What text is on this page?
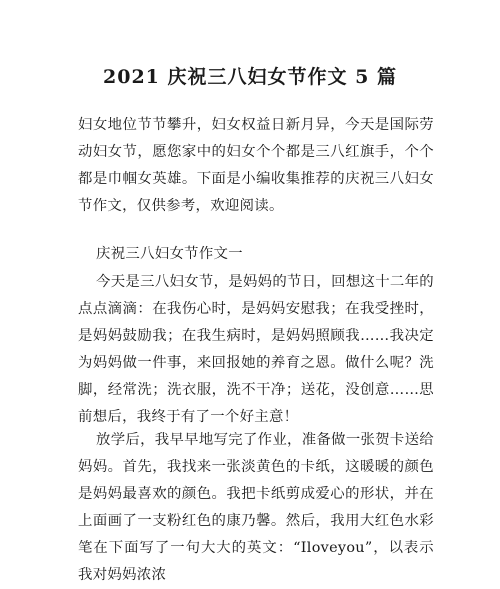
2021 庆祝三八妇女节作文 5 篇
妇女地位节节攀升，妇女权益日新月异，今天是国际劳动妇女节，愿您家中的妇女个个都是三八红旗手，个个都是巾帼女英雄。下面是小编收集推荐的庆祝三八妇女节作文，仅供参考，欢迎阅读。
庆祝三八妇女节作文一
今天是三八妇女节，是妈妈的节日，回想这十二年的点点滴滴：在我伤心时，是妈妈安慰我；在我受挫时，是妈妈鼓励我；在我生病时，是妈妈照顾我……我决定为妈妈做一件事，来回报她的养育之恩。做什么呢？洗脚，经常洗；洗衣服，洗不干净；送花，没创意……思前想后，我终于有了一个好主意！
放学后，我早早地写完了作业，准备做一张贺卡送给妈妈。首先，我找来一张淡黄色的卡纸，这暖暖的颜色是妈妈最喜欢的颜色。我把卡纸剪成爱心的形状，并在上面画了一支粉红色的康乃馨。然后，我用大红色水彩笔在下面写了一句大大的英文：“Iloveyou”，以表示我对妈妈浓浓
